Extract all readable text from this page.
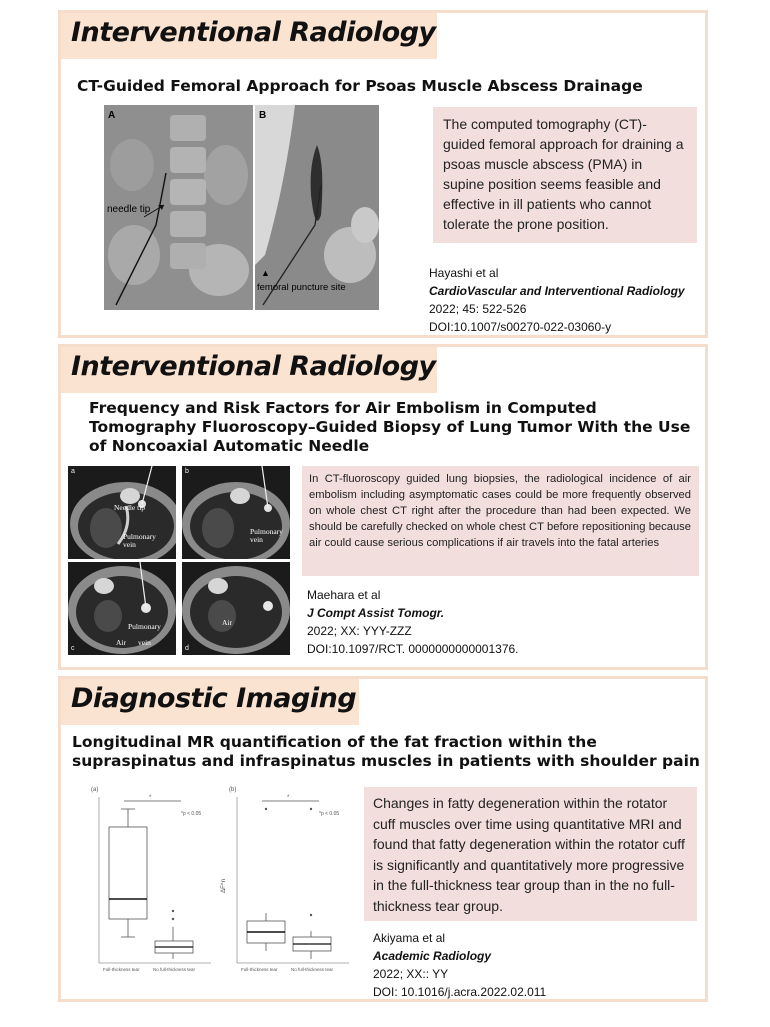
Interventional Radiology
CT-Guided Femoral Approach for Psoas Muscle Abscess Drainage
A
needle tip
B
▲
femoral puncture site
The computed tomography (CT)-guided femoral approach for draining a psoas muscle abscess (PMA) in supine position seems feasible and effective in ill patients who cannot tolerate the prone position.
Hayashi et al
CardioVascular and Interventional Radiology
2022; 45: 522-526
DOI:10.1007/s00270-022-03060-y
Interventional Radiology
Frequency and Risk Factors for Air Embolism in Computed Tomography Fluoroscopy–Guided Biopsy of Lung Tumor With the Use of Noncoaxial Automatic Needle
a
Needle tip
Pulmonary vein
b
Pulmonary vein
c
Pulmonary
Air vein
d
Air
In CT-fluoroscopy guided lung biopsies, the radiological incidence of air embolism including asymptomatic cases could be more frequently observed on whole chest CT right after the procedure than had been expected. We should be carefully checked on whole chest CT before repositioning because air could cause serious complications if air travels into the fatal arteries
Maehara et al
J Compt Assist Tomogr.
2022; XX: YYY-ZZZ
DOI:10.1097/RCT. 0000000000001376.
Diagnostic Imaging
Longitudinal MR quantification of the fat fraction within the supraspinatus and infraspinatus muscles in patients with shoulder pain
*
(a)
*p < 0.05
Full-thickness tear	No full-thickness tear
*
(b)
*p < 0.05
ΔF^n
Full-thickness tear	No full-thickness tear
Changes in fatty degeneration within the rotator cuff muscles over time using quantitative MRI and found that fatty degeneration within the rotator cuff is significantly and quantitatively more progressive in the full-thickness tear group than in the no full-thickness tear group.
Akiyama et al
Academic Radiology
2022; XX:: YY
DOI: 10.1016/j.acra.2022.02.011
